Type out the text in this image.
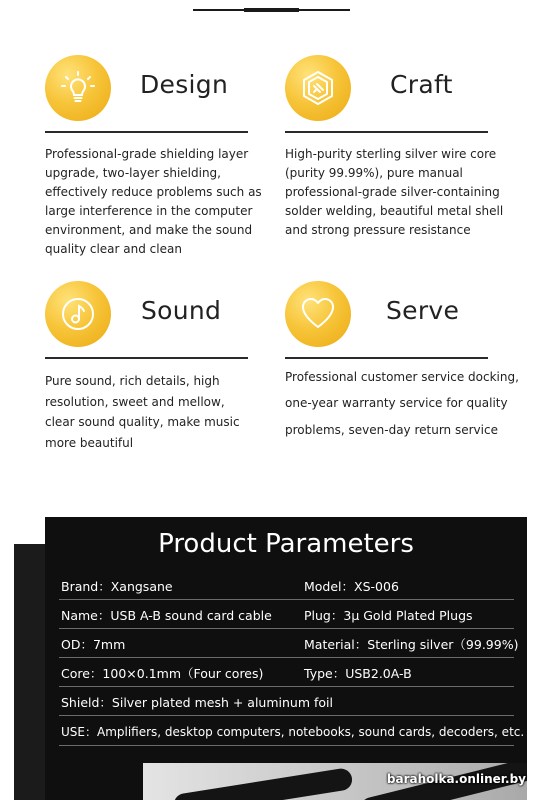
Design
Professional-grade shielding layer
upgrade, two-layer shielding,
effectively reduce problems such as
large interference in the computer
environment, and make the sound
quality clear and clean
Craft
High-purity sterling silver wire core
(purity 99.99%), pure manual
professional-grade silver-containing
solder welding, beautiful metal shell
and strong pressure resistance
Sound
Pure sound, rich details, high
resolution, sweet and mellow,
clear sound quality, make music
more beautiful
Serve
Professional customer service docking,

one-year warranty service for quality

problems, seven-day return service
Product Parameters
Brand：Xangsane	Model：XS-006
Name：USB A-B sound card cable	Plug：3μ Gold Plated Plugs
OD：7mm	Material：Sterling silver（99.99%)
Core：100×0.1mm（Four cores)	Type：USB2.0A-B
Shield：Silver plated mesh + aluminum foil
USE：Amplifiers, desktop computers, notebooks, sound cards, decoders, etc.
baraholka.onliner.by
